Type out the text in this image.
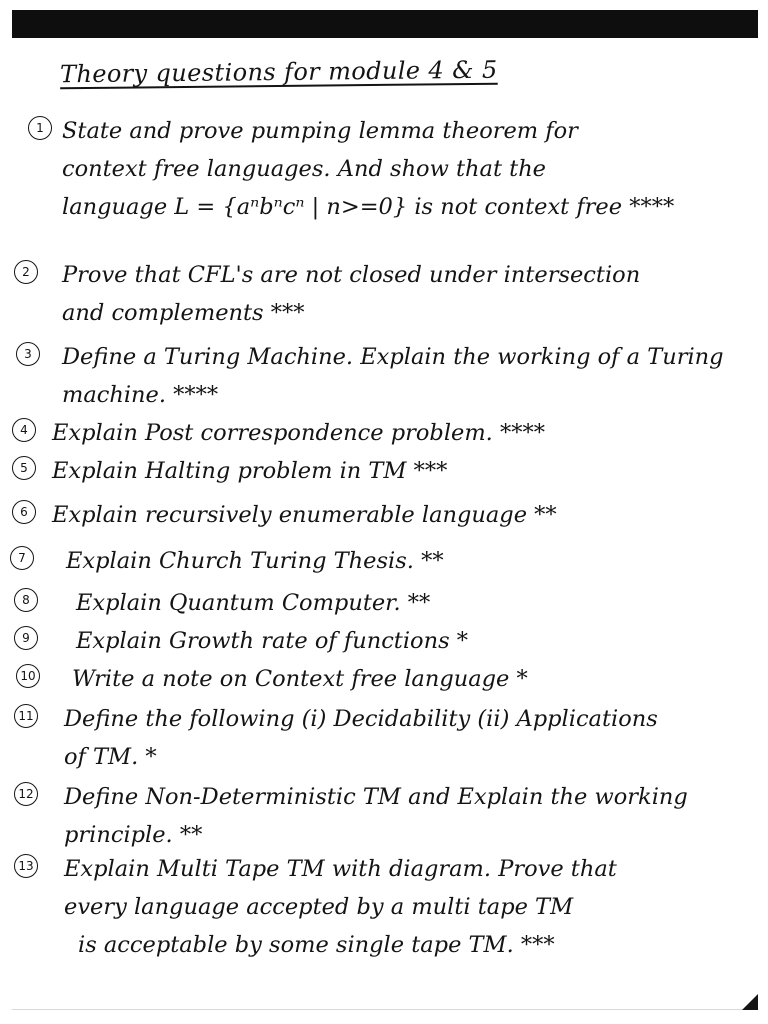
Theory questions for module 4 & 5
1 State and prove pumping lemma theorem for
context free languages. And show that the
language L = {aⁿbⁿcⁿ | n>=0} is not context free ****
2	Prove that CFL's are not closed under intersection
and complements ***
3	Define a Turing Machine. Explain the working of a Turing
machine. ****
4	Explain Post correspondence problem. ****
5	Explain Halting problem in TM ***
6	Explain recursively enumerable language **
7	Explain Church Turing Thesis. **
8	Explain Quantum Computer. **
9	Explain Growth rate of functions *
10 Write a note on Context free language *
11 Define the following (i) Decidability (ii) Applications
of TM. *
12 Define Non-Deterministic TM and Explain the working
principle. **
13 Explain Multi Tape TM with diagram. Prove that
every language accepted by a multi tape TM
is acceptable by some single tape TM. ***
